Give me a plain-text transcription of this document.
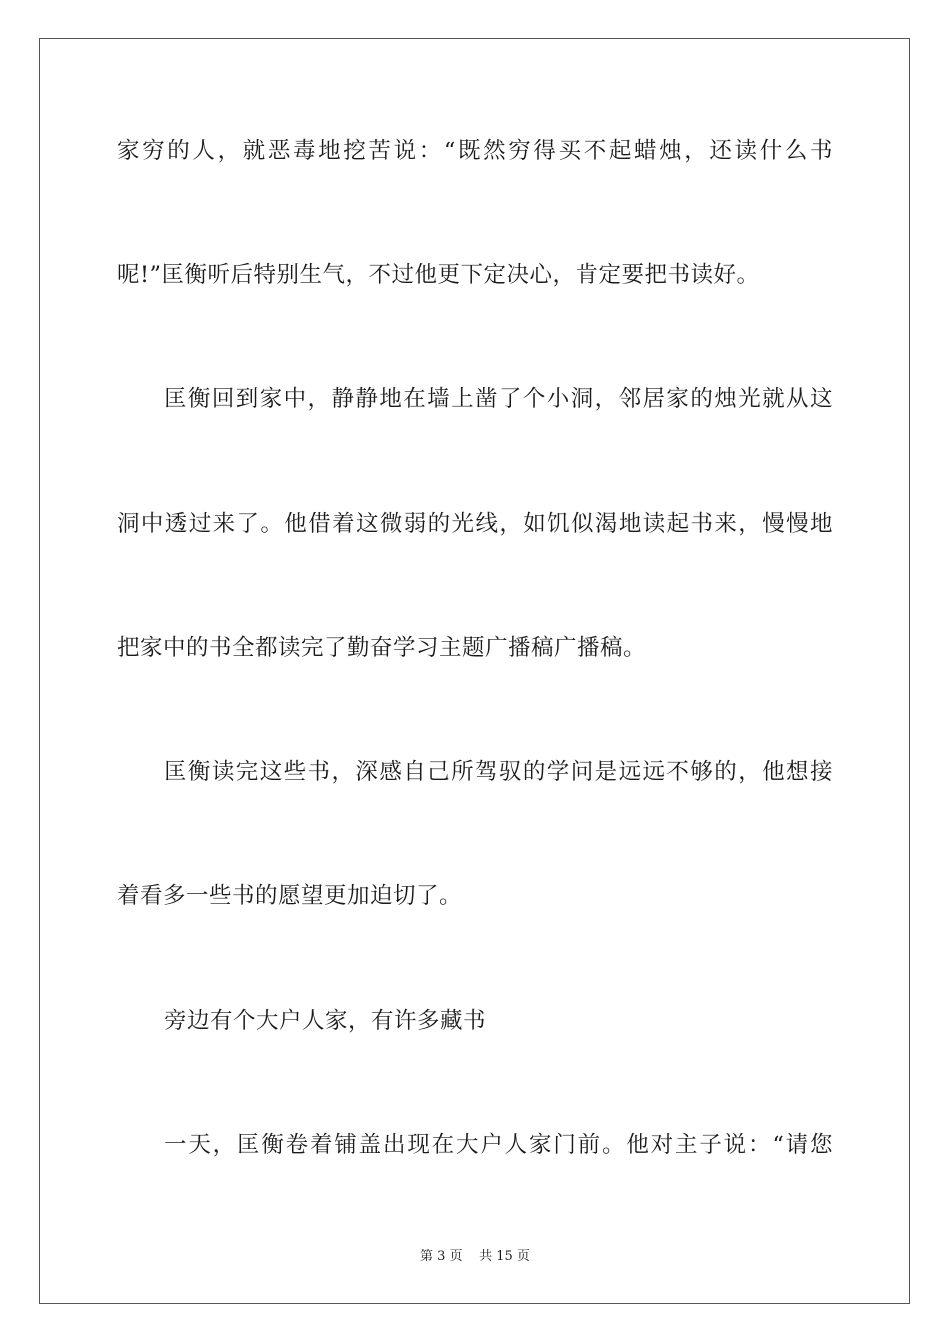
家穷的人，就恶毒地挖苦说：“既然穷得买不起蜡烛，还读什么书
呢!”匡衡听后特别生气，不过他更下定决心，肯定要把书读好。
匡衡回到家中，静静地在墙上凿了个小洞，邻居家的烛光就从这
洞中透过来了。他借着这微弱的光线，如饥似渴地读起书来，慢慢地
把家中的书全都读完了勤奋学习主题广播稿广播稿。
匡衡读完这些书，深感自己所驾驭的学问是远远不够的，他想接
着看多一些书的愿望更加迫切了。
旁边有个大户人家，有许多藏书
一天，匡衡卷着铺盖出现在大户人家门前。他对主子说：“请您
第 3 页 共 15 页
